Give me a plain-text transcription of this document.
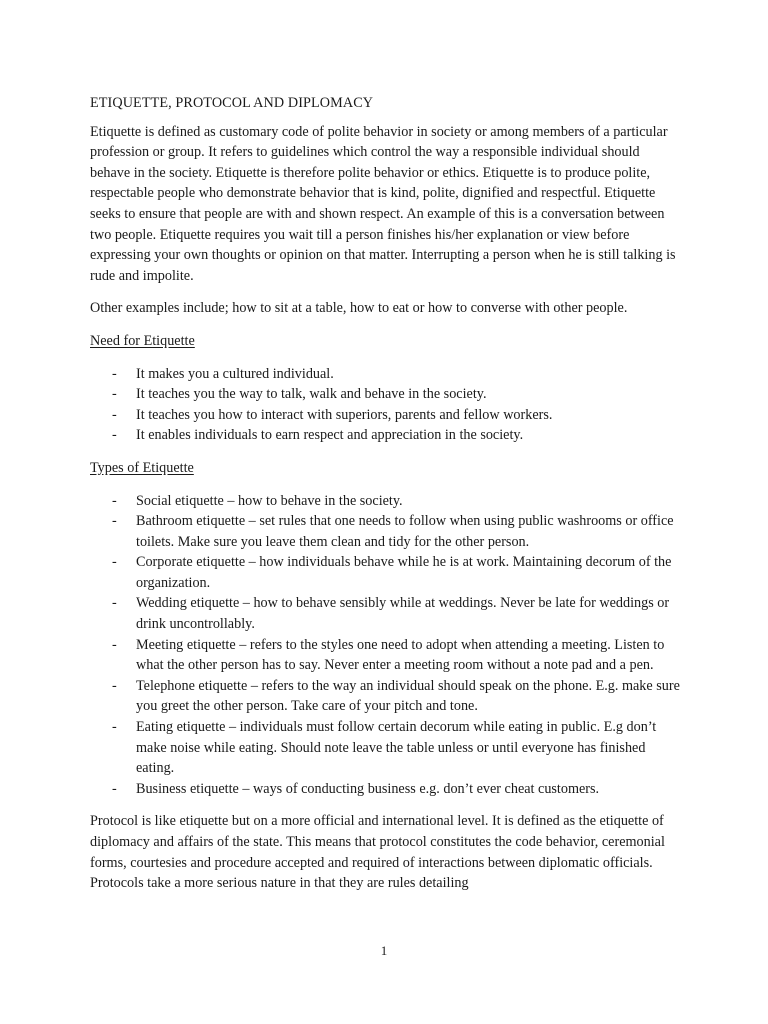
ETIQUETTE, PROTOCOL AND DIPLOMACY

Etiquette is defined as customary code of polite behavior in society or among members of a particular profession or group. It refers to guidelines which control the way a responsible individual should behave in the society. Etiquette is therefore polite behavior or ethics. Etiquette is to produce polite, respectable people who demonstrate behavior that is kind, polite, dignified and respectful. Etiquette seeks to ensure that people are with and shown respect. An example of this is a conversation between two people. Etiquette requires you wait till a person finishes his/her explanation or view before expressing your own thoughts or opinion on that matter. Interrupting a person when he is still talking is rude and impolite.

Other examples include; how to sit at a table, how to eat or how to converse with other people.

Need for Etiquette
- It makes you a cultured individual.
- It teaches you the way to talk, walk and behave in the society.
- It teaches you how to interact with superiors, parents and fellow workers.
- It enables individuals to earn respect and appreciation in the society.
Types of Etiquette
- Social etiquette – how to behave in the society.
- Bathroom etiquette – set rules that one needs to follow when using public washrooms or office toilets. Make sure you leave them clean and tidy for the other person.
- Corporate etiquette – how individuals behave while he is at work. Maintaining decorum of the organization.
- Wedding etiquette – how to behave sensibly while at weddings. Never be late for weddings or drink uncontrollably.
- Meeting etiquette – refers to the styles one need to adopt when attending a meeting. Listen to what the other person has to say. Never enter a meeting room without a note pad and a pen.
- Telephone etiquette – refers to the way an individual should speak on the phone. E.g. make sure you greet the other person. Take care of your pitch and tone.
- Eating etiquette – individuals must follow certain decorum while eating in public. E.g don’t make noise while eating. Should note leave the table unless or until everyone has finished eating.
- Business etiquette – ways of conducting business e.g. don’t ever cheat customers.

Protocol is like etiquette but on a more official and international level. It is defined as the etiquette of diplomacy and affairs of the state. This means that protocol constitutes the code behavior, ceremonial forms, courtesies and procedure accepted and required of interactions between diplomatic officials. Protocols take a more serious nature in that they are rules detailing

1
